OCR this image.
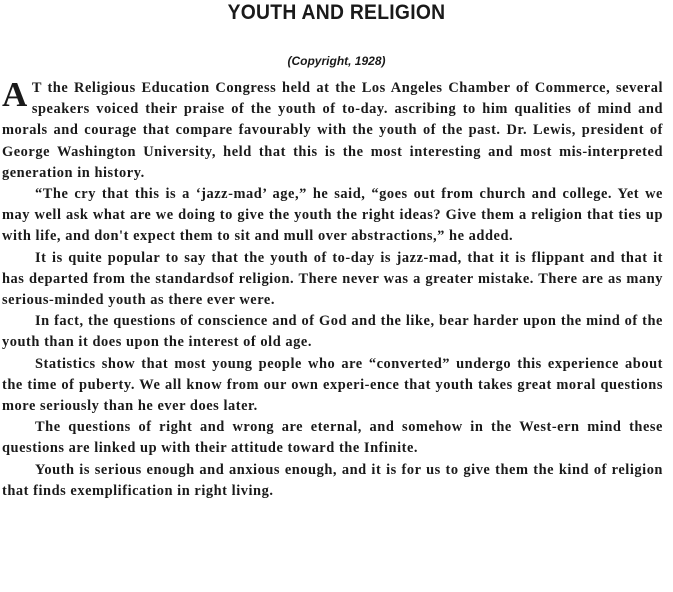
YOUTH AND RELIGION
(Copyright, 1928)

A T the Religious Education Congress held at the Los Angeles Chamber of Commerce, several speakers voiced their praise of the youth of to-day. ascribing to him qualities of mind and morals and courage that compare favourably with the youth of the past. Dr. Lewis, president of George Washington University, held that this is the most interesting and most mis-interpreted generation in history.

“The cry that this is a ‘jazz-mad’ age,” he said, “goes out from church and college. Yet we may well ask what are we doing to give the youth the right ideas? Give them a religion that ties up with life, and don't expect them to sit and mull over abstractions,” he added.

It is quite popular to say that the youth of to-day is jazz-mad, that it is flippant and that it has departed from the standardsof religion. There never was a greater mistake. There are as many serious-minded youth as there ever were.

In fact, the questions of conscience and of God and the like, bear harder upon the mind of the youth than it does upon the interest of old age.

Statistics show that most young people who are “converted” undergo this experience about the time of puberty. We all know from our own experi-ence that youth takes great moral questions more seriously than he ever does later.

The questions of right and wrong are eternal, and somehow in the West-ern mind these questions are linked up with their attitude toward the Infinite.

Youth is serious enough and anxious enough, and it is for us to give them the kind of religion that finds exemplification in right living.
